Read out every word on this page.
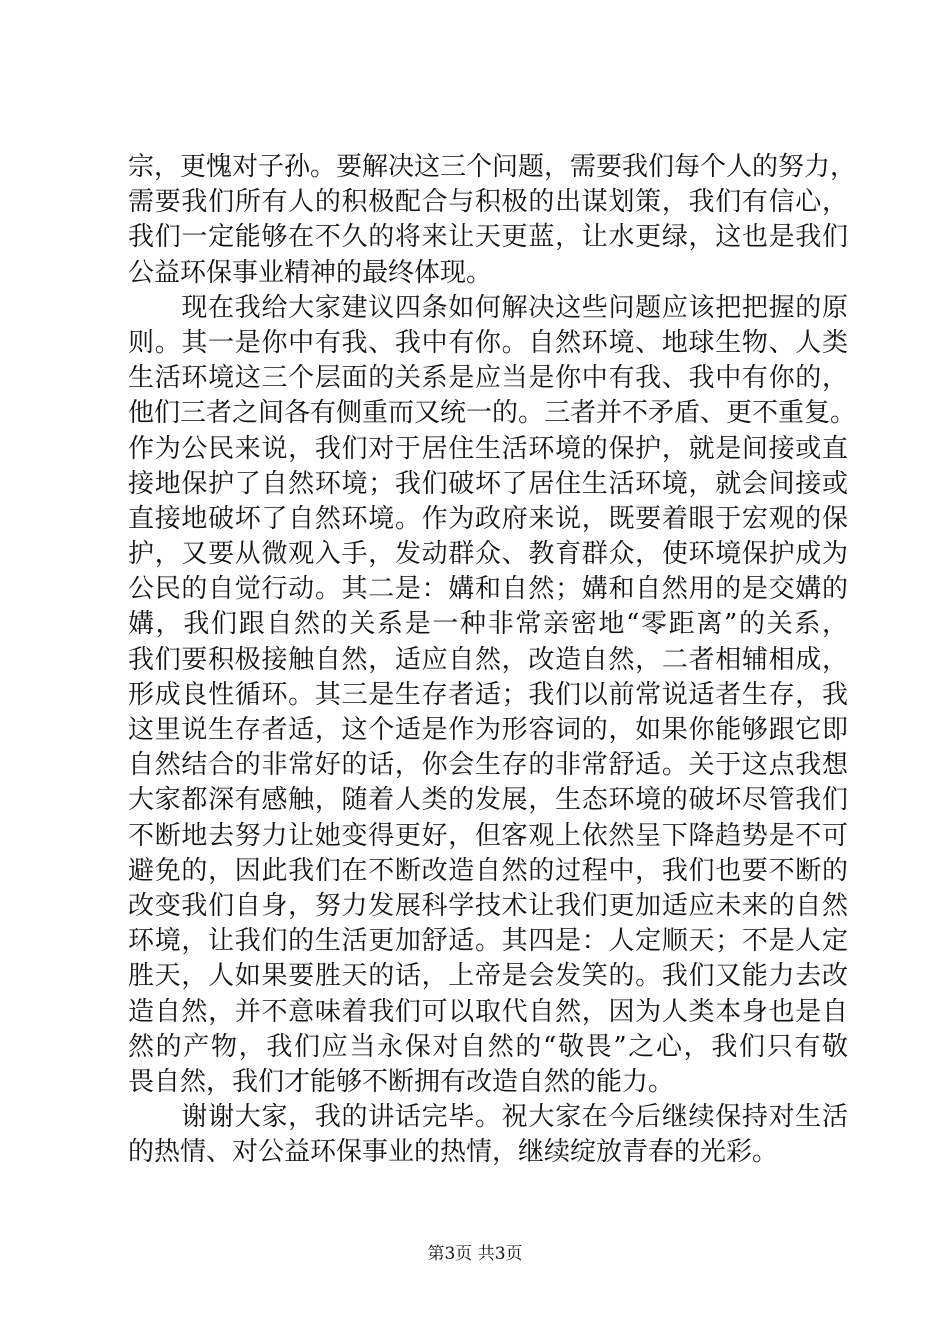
宗，更愧对子孙。要解决这三个问题，需要我们每个人的努力，
需要我们所有人的积极配合与积极的出谋划策，我们有信心，
我们一定能够在不久的将来让天更蓝，让水更绿，这也是我们
公益环保事业精神的最终体现。
　　现在我给大家建议四条如何解决这些问题应该把把握的原
则。其一是你中有我、我中有你。自然环境、地球生物、人类
生活环境这三个层面的关系是应当是你中有我、我中有你的，
他们三者之间各有侧重而又统一的。三者并不矛盾、更不重复。
作为公民来说，我们对于居住生活环境的保护，就是间接或直
接地保护了自然环境；我们破坏了居住生活环境，就会间接或
直接地破坏了自然环境。作为政府来说，既要着眼于宏观的保
护，又要从微观入手，发动群众、教育群众，使环境保护成为
公民的自觉行动。其二是：媾和自然；媾和自然用的是交媾的
媾，我们跟自然的关系是一种非常亲密地“零距离”的关系，
我们要积极接触自然，适应自然，改造自然，二者相辅相成，
形成良性循环。其三是生存者适；我们以前常说适者生存，我
这里说生存者适，这个适是作为形容词的，如果你能够跟它即
自然结合的非常好的话，你会生存的非常舒适。关于这点我想
大家都深有感触，随着人类的发展，生态环境的破坏尽管我们
不断地去努力让她变得更好，但客观上依然呈下降趋势是不可
避免的，因此我们在不断改造自然的过程中，我们也要不断的
改变我们自身，努力发展科学技术让我们更加适应未来的自然
环境，让我们的生活更加舒适。其四是：人定顺天；不是人定
胜天，人如果要胜天的话，上帝是会发笑的。我们又能力去改
造自然，并不意味着我们可以取代自然，因为人类本身也是自
然的产物，我们应当永保对自然的“敬畏”之心，我们只有敬
畏自然，我们才能够不断拥有改造自然的能力。
　　谢谢大家，我的讲话完毕。祝大家在今后继续保持对生活
的热情、对公益环保事业的热情，继续绽放青春的光彩。
第3页 共3页
